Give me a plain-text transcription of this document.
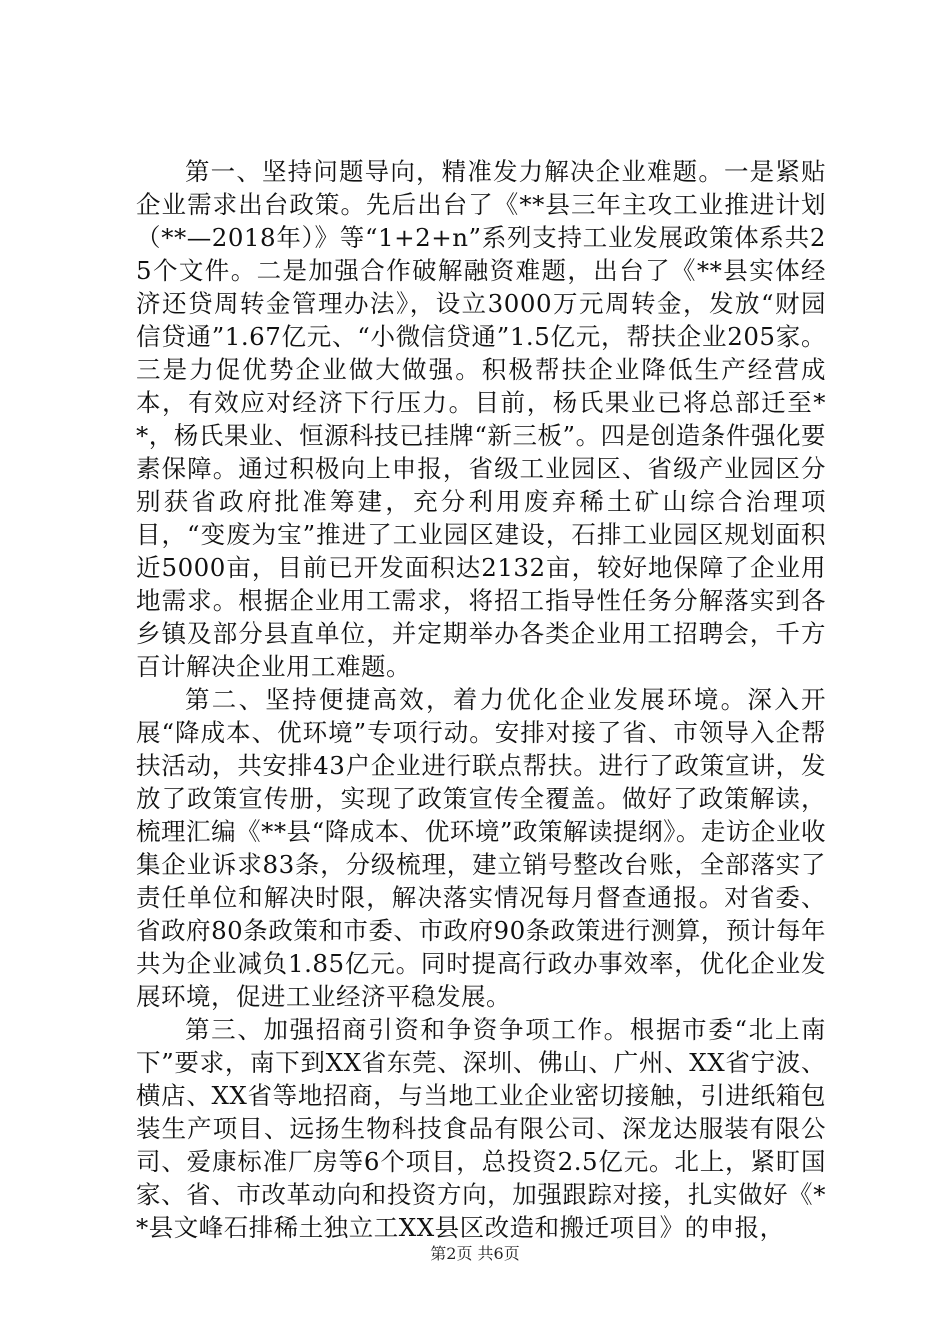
第一、坚持问题导向，精准发力解决企业难题。一是紧贴企业需求出台政策。先后出台了《**县三年主攻工业推进计划（**—2018年）》等“1+2+n”系列支持工业发展政策体系共25个文件。二是加强合作破解融资难题，出台了《**县实体经济还贷周转金管理办法》，设立3000万元周转金，发放“财园信贷通”1.67亿元、“小微信贷通”1.5亿元，帮扶企业205家。三是力促优势企业做大做强。积极帮扶企业降低生产经营成本，有效应对经济下行压力。目前，杨氏果业已将总部迁至**，杨氏果业、恒源科技已挂牌“新三板”。四是创造条件强化要素保障。通过积极向上申报，省级工业园区、省级产业园区分别获省政府批准筹建，充分利用废弃稀土矿山综合治理项目，“变废为宝”推进了工业园区建设，石排工业园区规划面积近5000亩，目前已开发面积达2132亩，较好地保障了企业用地需求。根据企业用工需求，将招工指导性任务分解落实到各乡镇及部分县直单位，并定期举办各类企业用工招聘会，千方百计解决企业用工难题。

第二、坚持便捷高效，着力优化企业发展环境。深入开展“降成本、优环境”专项行动。安排对接了省、市领导入企帮扶活动，共安排43户企业进行联点帮扶。进行了政策宣讲，发放了政策宣传册，实现了政策宣传全覆盖。做好了政策解读，梳理汇编《**县“降成本、优环境”政策解读提纲》。走访企业收集企业诉求83条，分级梳理，建立销号整改台账，全部落实了责任单位和解决时限，解决落实情况每月督查通报。对省委、省政府80条政策和市委、市政府90条政策进行测算，预计每年共为企业减负1.85亿元。同时提高行政办事效率，优化企业发展环境，促进工业经济平稳发展。

第三、加强招商引资和争资争项工作。根据市委“北上南下”要求，南下到XX省东莞、深圳、佛山、广州、XX省宁波、横店、XX省等地招商，与当地工业企业密切接触，引进纸箱包装生产项目、远扬生物科技食品有限公司、深龙达服装有限公司、爱康标准厂房等6个项目，总投资2.5亿元。北上，紧盯国家、省、市改革动向和投资方向，加强跟踪对接，扎实做好《**县文峰石排稀土独立工XX县区改造和搬迁项目》的申报，

第2页 共6页
